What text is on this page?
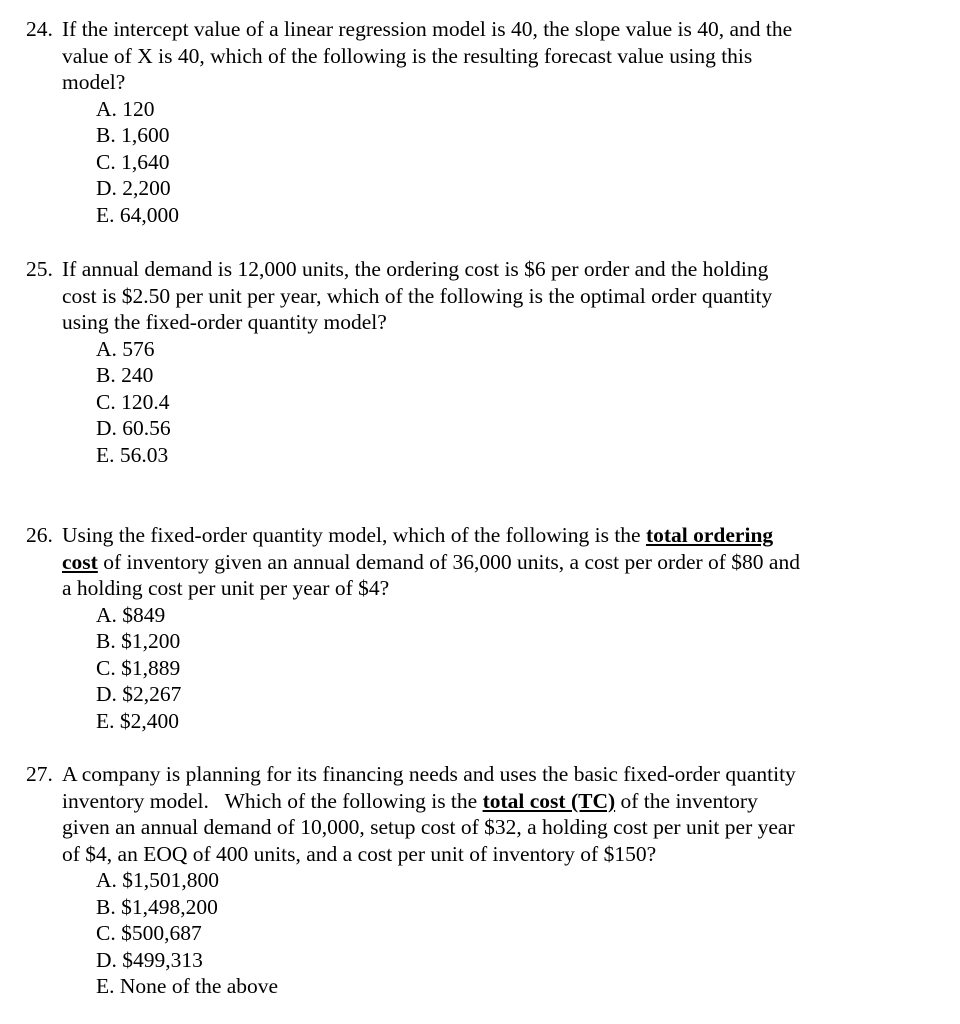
24. If the intercept value of a linear regression model is 40, the slope value is 40, and the
value of X is 40, which of the following is the resulting forecast value using this
model?
A. 120
B. 1,600
C. 1,640
D. 2,200
E. 64,000
25. If annual demand is 12,000 units, the ordering cost is $6 per order and the holding
cost is $2.50 per unit per year, which of the following is the optimal order quantity
using the fixed-order quantity model?
A. 576
B. 240
C. 120.4
D. 60.56
E. 56.03
26. Using the fixed-order quantity model, which of the following is the total ordering
cost of inventory given an annual demand of 36,000 units, a cost per order of $80 and
a holding cost per unit per year of $4?
A. $849
B. $1,200
C. $1,889
D. $2,267
E. $2,400
27. A company is planning for its financing needs and uses the basic fixed-order quantity
inventory model.   Which of the following is the total cost (TC) of the inventory
given an annual demand of 10,000, setup cost of $32, a holding cost per unit per year
of $4, an EOQ of 400 units, and a cost per unit of inventory of $150?
A. $1,501,800
B. $1,498,200
C. $500,687
D. $499,313
E. None of the above
